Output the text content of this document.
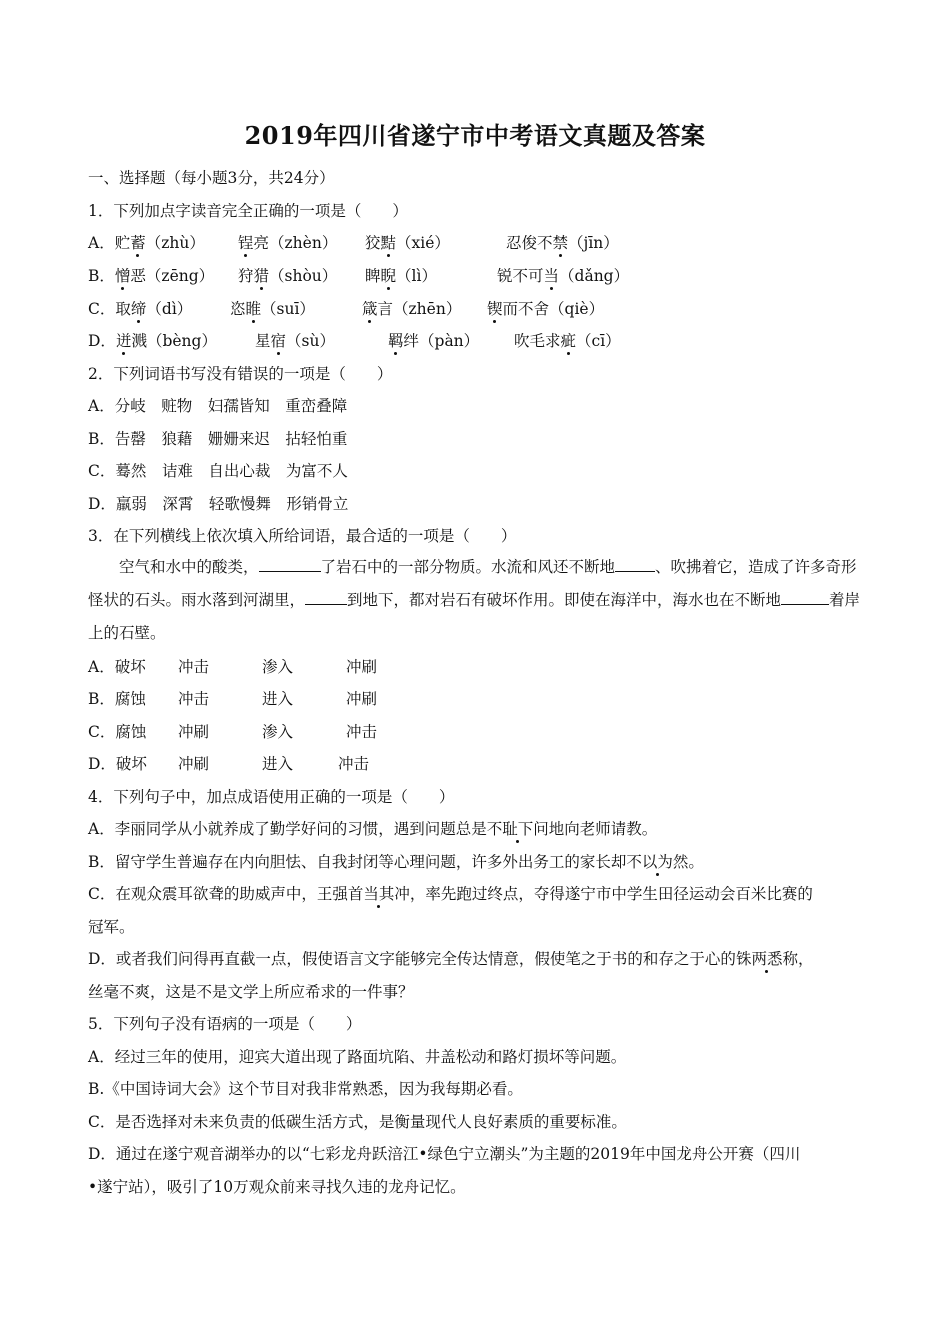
2019年四川省遂宁市中考语文真题及答案
一、选择题（每小题3分，共24分）
1．下列加点字读音完全正确的一项是（　　）
A．贮蓄（zhù） 锃亮（zhèn） 狡黠（xié）	忍俊不禁（jīn）
B．憎恶（zēng） 狩猎（shòu） 睥睨（lì）	锐不可当（dǎng）
C．取缔（dì） 恣睢（suī）	箴言（zhēn） 锲而不舍（qiè）
D．迸溅（bèng） 星宿（sù）	羁绊（pàn） 吹毛求疵（cī）
2．下列词语书写没有错误的一项是（　　）
A．分岐　赃物　妇孺皆知　重峦叠障
B．告罄　狼藉　姗姗来迟　拈轻怕重
C．蓦然　诘难　自出心裁　为富不人
D．羸弱　深霄　轻歌慢舞　形销骨立
3．在下列横线上依次填入所给词语，最合适的一项是（　　）
空气和水中的酸类，	了岩石中的一部分物质。水流和风还不断地	、吹拂着它，造成了许多奇形怪状的石头。雨水落到河湖里，	到地下，都对岩石有破坏作用。即使在海洋中，海水也在不断地	着岸上的石壁。
A．破坏 冲击	渗入	冲刷
B．腐蚀 冲击	进入	冲刷
C．腐蚀 冲刷	渗入	冲击
D．破坏 冲刷	进入	冲击
4．下列句子中，加点成语使用正确的一项是（　　）
A．李丽同学从小就养成了勤学好问的习惯，遇到问题总是不耻下问地向老师请教。
B．留守学生普遍存在内向胆怯、自我封闭等心理问题，许多外出务工的家长却不以为然。
C．在观众震耳欲聋的助威声中，王强首当其冲，率先跑过终点，夺得遂宁市中学生田径运动会百米比赛的
冠军。
D．或者我们问得再直截一点，假使语言文字能够完全传达情意，假使笔之于书的和存之于心的铢两悉称，
丝毫不爽，这是不是文学上所应希求的一件事？
5．下列句子没有语病的一项是（　　）
A．经过三年的使用，迎宾大道出现了路面坑陷、井盖松动和路灯损坏等问题。
B.《中国诗词大会》这个节目对我非常熟悉，因为我每期必看。
C．是否选择对未来负责的低碳生活方式，是衡量现代人良好素质的重要标准。
D．通过在遂宁观音湖举办的以“七彩龙舟跃涪江•绿色宁立潮头”为主题的2019年中国龙舟公开赛（四川
•遂宁站），吸引了10万观众前来寻找久违的龙舟记忆。
